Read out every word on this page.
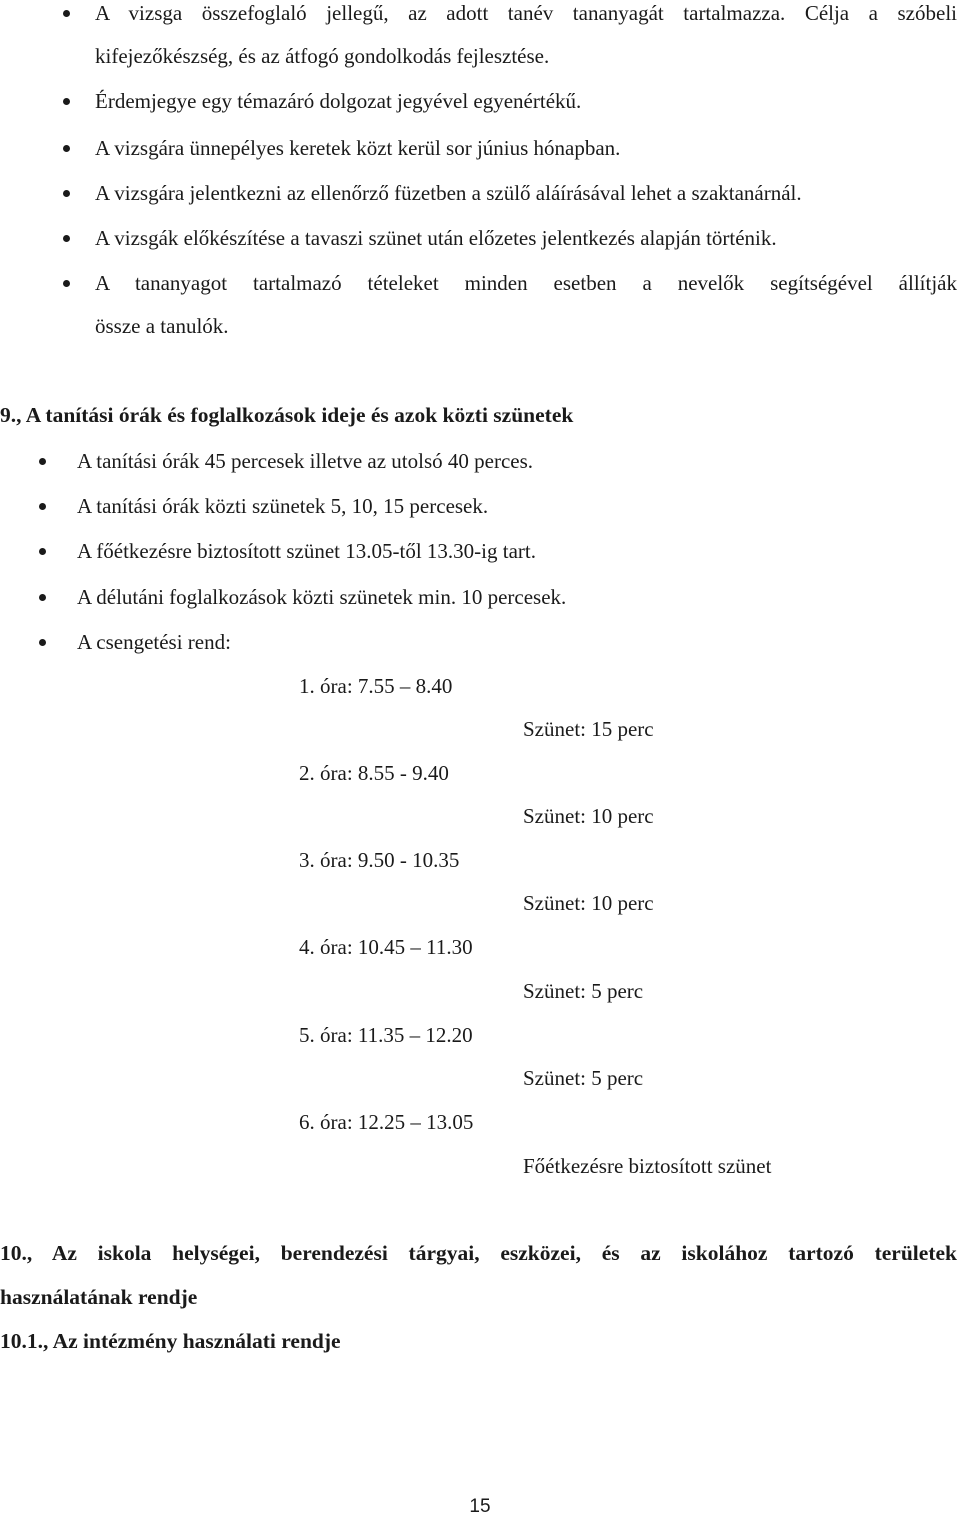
A vizsga összefoglaló jellegű, az adott tanév tananyagát tartalmazza. Célja a szóbeli
kifejezőkészség, és az átfogó gondolkodás fejlesztése.
Érdemjegye egy témazáró dolgozat jegyével egyenértékű.
A vizsgára ünnepélyes keretek közt kerül sor június hónapban.
A vizsgára jelentkezni az ellenőrző füzetben a szülő aláírásával lehet a szaktanárnál.
A vizsgák előkészítése a tavaszi szünet után előzetes jelentkezés alapján történik.
A tananyagot tartalmazó tételeket minden esetben a nevelők segítségével állítják
össze a tanulók.
9., A tanítási órák és foglalkozások ideje és azok közti szünetek
A tanítási órák 45 percesek illetve az utolsó 40 perces.
A tanítási órák közti szünetek 5, 10, 15 percesek.
A főétkezésre biztosított szünet 13.05-től 13.30-ig tart.
A délutáni foglalkozások közti szünetek min. 10 percesek.
A csengetési rend:
1. óra: 7.55 – 8.40
Szünet: 15 perc
2. óra: 8.55 - 9.40
Szünet: 10 perc
3. óra: 9.50 - 10.35
Szünet: 10 perc
4. óra: 10.45 – 11.30
Szünet: 5 perc
5. óra: 11.35 – 12.20
Szünet: 5 perc
6. óra: 12.25 – 13.05
Főétkezésre biztosított szünet
10., Az iskola helységei, berendezési tárgyai, eszközei, és az iskolához tartozó területek
használatának rendje
10.1., Az intézmény használati rendje
15
